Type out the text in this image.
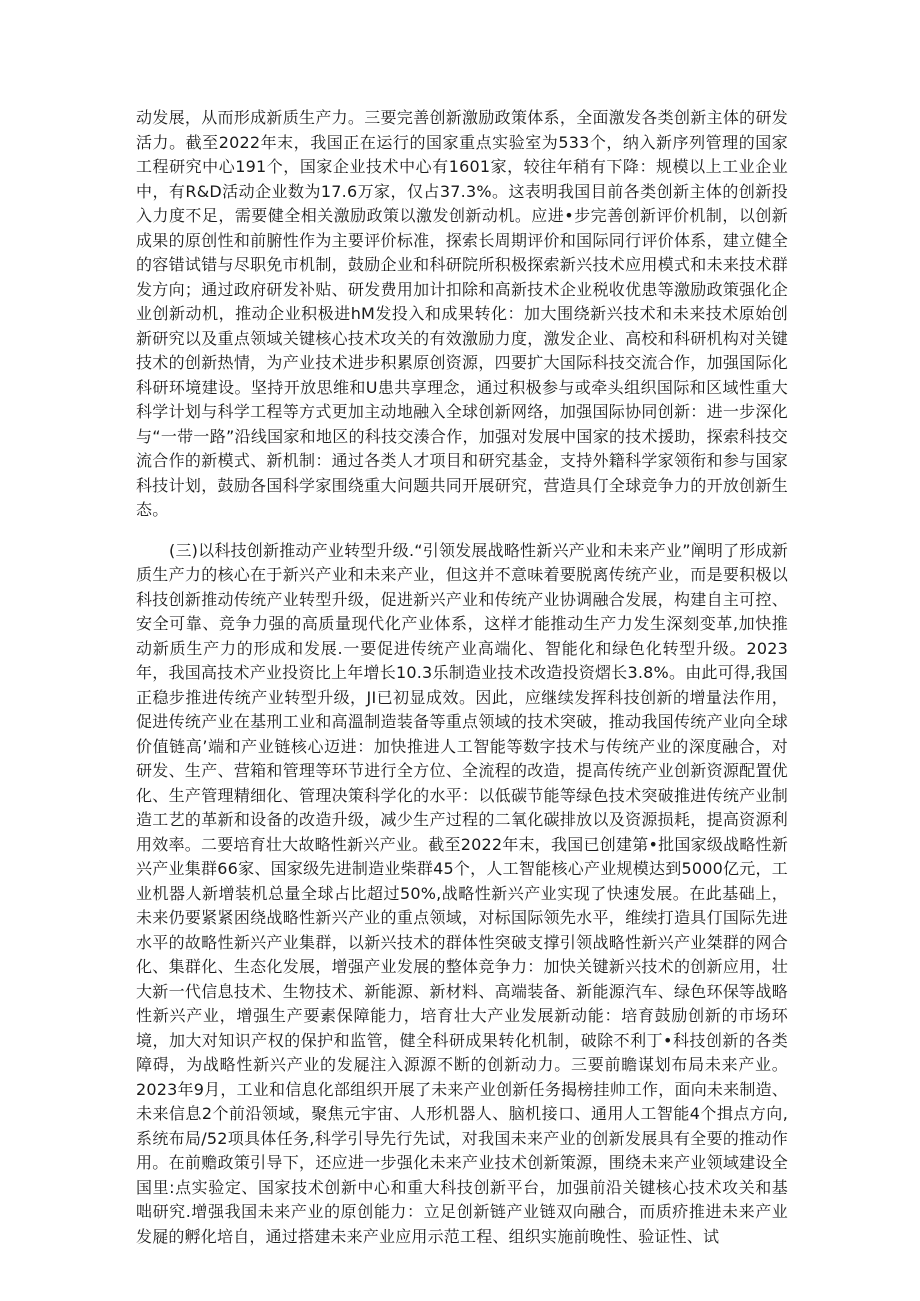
动发展，从而形成新质生产力。三要完善创新激励政策体系，全面激发各类创新主体的研发活力。截至2022年末，我国正在运行的国家重点实验室为533个，纳入新序列管理的国家工程研究中心191个，国家企业技术中心有1601家，较往年稍有下降：规模以上工业企业中，有R&D活动企业数为17.6万家，仅占37.3%。这表明我国目前各类创新主体的创新投入力度不足，需要健全相关激励政策以激发创新动机。应进•步完善创新评价机制，以创新成果的原创性和前腑性作为主要评价标准，探索长周期评价和国际同行评价体系，建立健全的容错试错与尽职免市机制，鼓励企业和科研院所积极探索新兴技术应用模式和未来技术群发方向；通过政府研发补贴、研发费用加计扣除和高新技术企业税收优患等激励政策强化企业创新动机，推动企业积极进hM发投入和成果转化：加大围绕新兴技术和未来技术原始创新研究以及重点领域关键核心技术攻关的有效激励力度，激发企业、高校和科研机构对关键技术的创新热情，为产业技术进步积累原创资源，四要扩大国际科技交流合作，加强国际化科研环境建设。坚持开放思维和U患共享理念，通过积极参与或牵头组织国际和区域性重大科学计划与科学工程等方式更加主动地融入全球创新网络，加强国际协同创新：进一步深化与“一带一路”沿线国家和地区的科技交湊合作，加强对发展中国家的技术援助，探索科技交流合作的新模式、新机制：通过各类人才项目和研究基金，支持外籍科学家领衔和参与国家科技计划，鼓励各国科学家围绕重大问题共同开展研究，营造具仃全球竞争力的开放创新生态。

(三)以科技创新推动产业转型升级.“引领发展战略性新兴产业和未来产业”阐明了形成新质生产力的核心在于新兴产业和未来产业，但这并不意味着要脱离传统产业，而是要积极以科技创新推动传统产业转型升级，促进新兴产业和传统产业协调融合发展，构建自主可控、安全可靠、竞争力强的高质量现代化产业体系，这样才能推动生产力发生深刻变革,加快推动新质生产力的形成和发展.一要促进传统产业高端化、智能化和绿色化转型升级。2023年，我国高技术产业投资比上年增长10.3乐制造业技术改造投资熠长3.8%。由此可得,我国正稳步推进传统产业转型升级，JI已初显成效。因此，应继续发挥科技创新的增量法作用，促进传统产业在基刑工业和高溫制造装备等重点领域的技术突破，推动我国传统产业向全球价值链高’端和产业链核心迈进：加快推进人工智能等数字技术与传统产业的深度融合，对研发、生产、营箱和管理等环节进行全方位、全流程的改造，提高传统产业创新资源配置优化、生产管理精细化、管理决策科学化的水平：以低碳节能等绿色技术突破推进传统产业制造工艺的革新和设备的改造升级，减少生产过程的二氧化碳排放以及资源损耗，提高资源利用效率。二要培育壮大故略性新兴产业。截至2022年末，我国已创建第•批国家级战略性新兴产业集群66家、国家级先进制造业柴群45个，人工智能核心产业规模达到5000亿元，工业机器人新增装机总量全球占比超过50%,战略性新兴产业实现了快速发展。在此基础上，未来仍要紧紧困绕战略性新兴产业的重点领域，对标国际领先水平，维续打造具仃国际先进水平的故略性新兴产业集群，以新兴技术的群体性突破支撑引领战略性新兴产业桀群的网合化、集群化、生态化发展，增强产业发展的整体竞争力：加快关键新兴技术的创新应用，壮大新一代信息技术、生物技术、新能源、新材料、高端装备、新能源汽车、绿色环保等战略性新兴产业，增强生产要素保障能力，培育壮大产业发展新动能：培育鼓励创新的市场环境，加大对知识产权的保护和监管，健全科研成果转化机制，破除不利丁•科技创新的各类障碍，为战略性新兴产业的发屣注入源源不断的创新动力。三要前瞻谋划布局未来产业。2023年9月，工业和信息化部组织开展了未来产业创新任务揭榜挂帅工作，面向未来制造、未来信息2个前沿领域，聚焦元宇宙、人形机器人、脑机接口、通用人工智能4个揖点方向,系统布局/52项具体任务,科学引导先行先试，对我国未来产业的创新发展具有全要的推动作用。在前赡政策引导下，还应进一步强化未来产业技术创新策源，围绕未来产业领域建设全国里:点实验定、国家技术创新中心和重大科技创新平台，加强前沿关键核心技术攻关和基咄研究.增强我国未来产业的原创能力：立足创新链产业链双向融合，而质疥推进未来产业发屣的孵化培自，通过搭建未来产业应用示范工程、组织实施前晚性、验证性、试
